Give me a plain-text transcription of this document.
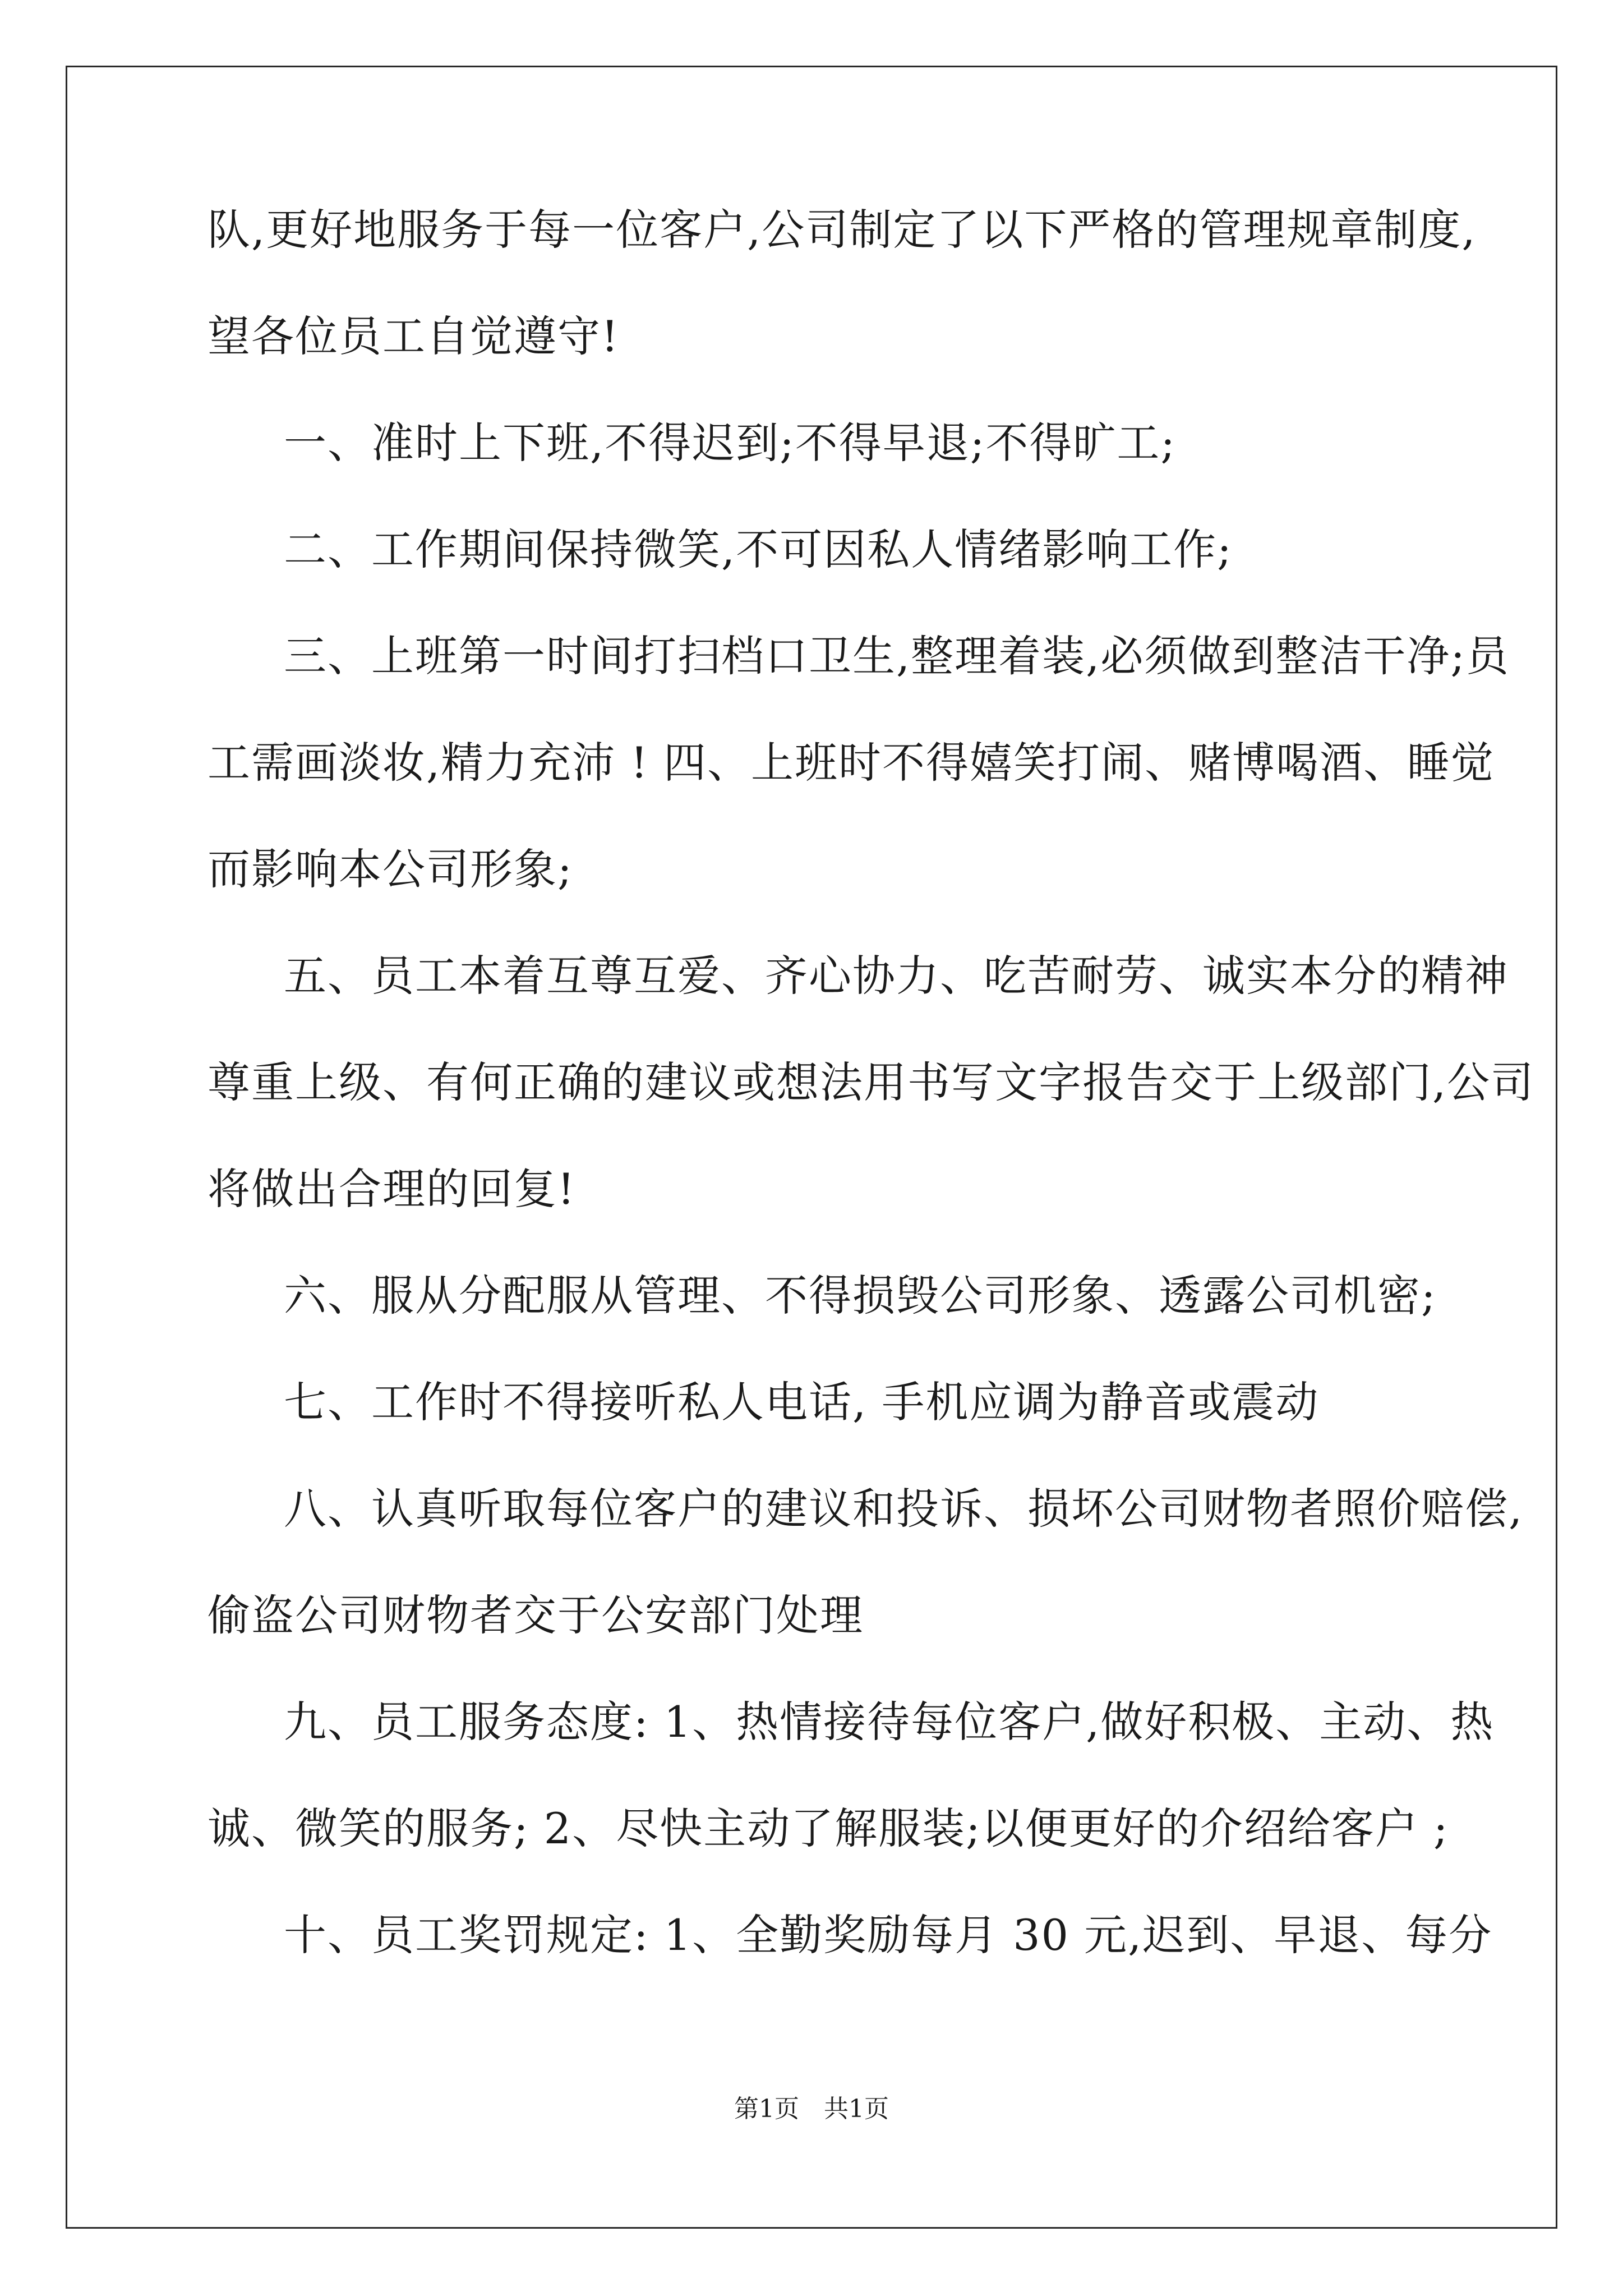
队,更好地服务于每一位客户,公司制定了以下严格的管理规章制度,
望各位员工自觉遵守!
一、准时上下班,不得迟到;不得早退;不得旷工;
二、工作期间保持微笑,不可因私人情绪影响工作;
三、上班第一时间打扫档口卫生,整理着装,必须做到整洁干净;员
工需画淡妆,精力充沛 ! 四、上班时不得嬉笑打闹、赌博喝酒、睡觉
而影响本公司形象;
五、员工本着互尊互爱、齐心协力、吃苦耐劳、诚实本分的精神
尊重上级、有何正确的建议或想法用书写文字报告交于上级部门,公司
将做出合理的回复!
六、服从分配服从管理、不得损毁公司形象、透露公司机密;
七、工作时不得接听私人电话, 手机应调为静音或震动
八、认真听取每位客户的建议和投诉、损坏公司财物者照价赔偿,
偷盗公司财物者交于公安部门处理
九、员工服务态度: 1、热情接待每位客户,做好积极、主动、热
诚、微笑的服务; 2、尽快主动了解服装;以便更好的介绍给客户 ;
十、员工奖罚规定: 1、全勤奖励每月 30 元,迟到、早退、每分
第1页　共1页
